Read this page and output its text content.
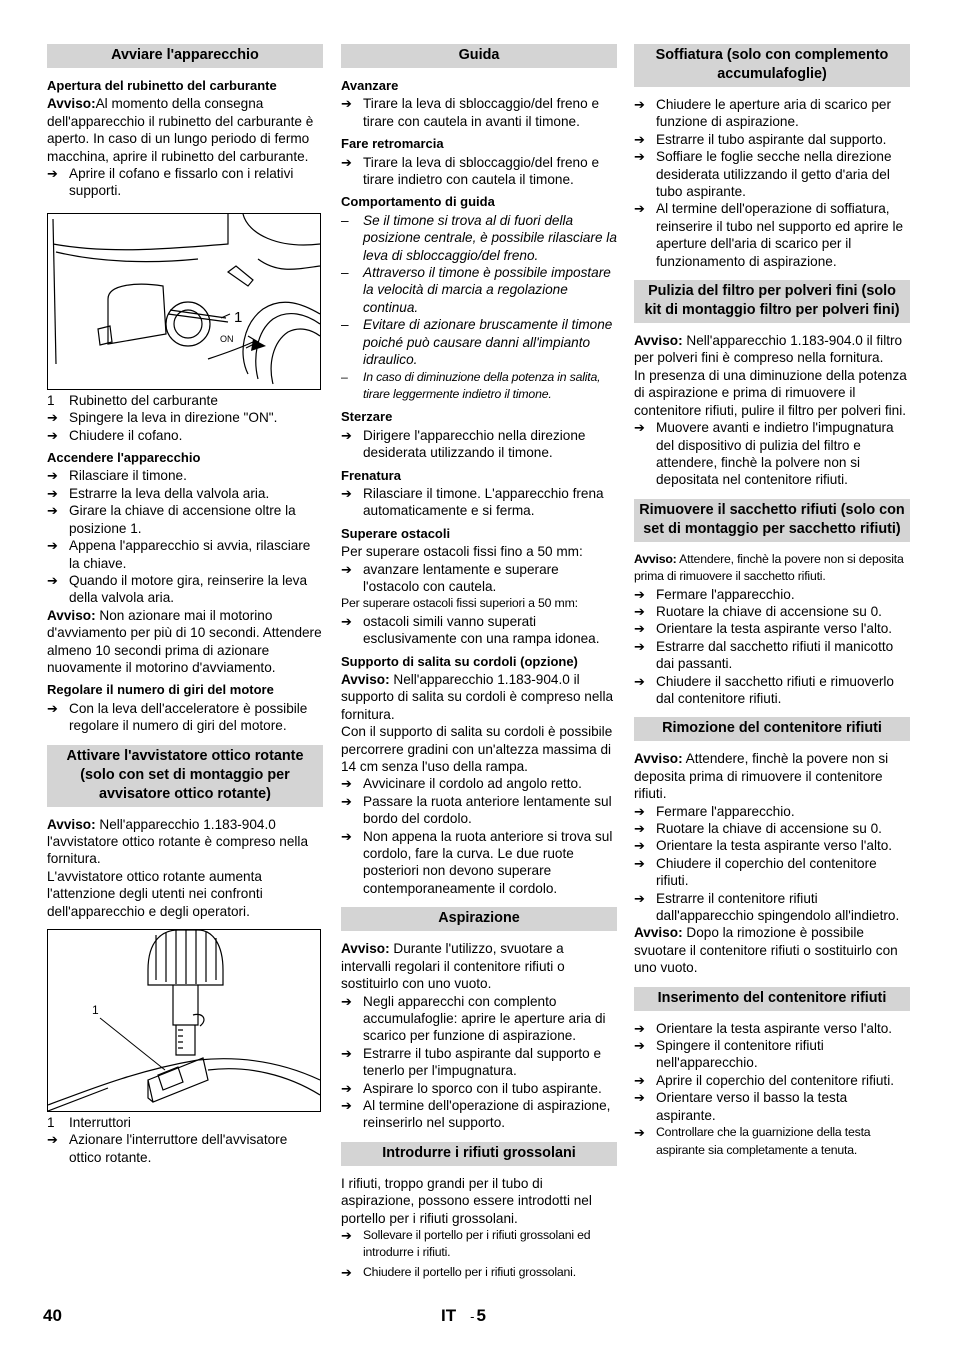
Avviare l'apparecchio
Apertura del rubinetto del carburante

Avviso:Al momento della consegna dell'apparecchio il rubinetto del carburante è aperto. In caso di un lungo periodo di fermo macchina, aprire il rubinetto del carburante.

➔ Aprire il cofano e fissarlo con i relativi supporti.
ON
1
1	Rubinetto del carburante
➔ Spingere la leva in direzione "ON".
➔ Chiudere il cofano.
Accendere l'apparecchio
➔ Rilasciare il timone.
➔ Estrarre la leva della valvola aria.
➔ Girare la chiave di accensione oltre la posizione 1.
➔ Appena l'apparecchio si avvia, rilasciare la chiave.
➔ Quando il motore gira, reinserire la leva della valvola aria.

Avviso: Non azionare mai il motorino d'avviamento per più di 10 secondi. Attendere almeno 10 secondi prima di azionare nuovamente il motorino d'avviamento.

Regolare il numero di giri del motore
➔ Con la leva dell'acceleratore è possibile regolare il numero di giri del motore.
Attivare l'avvistatore ottico rotante (solo con set di montaggio per avvisatore ottico rotante)

Avviso: Nell'apparecchio 1.183-904.0 l'avvistatore ottico rotante è compreso nella fornitura.

L'avvistatore ottico rotante aumenta l'attenzione degli utenti nei confronti dell'apparecchio e degli operatori.

1
1	Interruttori
➔ Azionare l'interruttore dell'avvisatore ottico rotante.
Guida
Avanzare
➔ Tirare la leva di sbloccaggio/del freno e tirare con cautela in avanti il timone.
Fare retromarcia
➔ Tirare la leva di sbloccaggio/del freno e tirare indietro con cautela il timone.
Comportamento di guida
–	Se il timone si trova al di fuori della posizione centrale, è possibile rilasciare la leva di sbloccaggio/del freno.
–	Attraverso il timone è possibile impostare la velocità di marcia a regolazione continua.
–	Evitare di azionare bruscamente il timone poiché può causare danni all'impianto idraulico.
–	In caso di diminuzione della potenza in salita, tirare leggermente indietro il timone.
Sterzare
➔ Dirigere l'apparecchio nella direzione desiderata utilizzando il timone.
Frenatura
➔ Rilasciare il timone. L'apparecchio frena automaticamente e si ferma.
Superare ostacoli

Per superare ostacoli fissi fino a 50 mm:

➔ avanzare lentamente e superare l'ostacolo con cautela.

Per superare ostacoli fissi superiori a 50 mm:

➔ ostacoli simili vanno superati esclusivamente con una rampa idonea.
Supporto di salita su cordoli (opzione)

Avviso: Nell'apparecchio 1.183-904.0 il supporto di salita su cordoli è compreso nella fornitura.

Con il supporto di salita su cordoli è possibile percorrere gradini con un'altezza massima di 14 cm senza l'uso della rampa.

➔ Avvicinare il cordolo ad angolo retto.
➔ Passare la ruota anteriore lentamente sul bordo del cordolo.
➔ Non appena la ruota anteriore si trova sul cordolo, fare la curva. Le due ruote posteriori non devono superare contemporaneamente il cordolo.
Aspirazione

Avviso: Durante l'utilizzo, svuotare a intervalli regolari il contenitore rifiuti o sostituirlo con uno vuoto.

➔ Negli apparecchi con complento accumulafoglie: aprire le aperture aria di scarico per funzione di aspirazione.
➔ Estrarre il tubo aspirante dal supporto e tenerlo per l'impugnatura.
➔ Aspirare lo sporco con il tubo aspirante.
➔ Al termine dell'operazione di aspirazione, reinserirlo nel supporto.
Introdurre i rifiuti grossolani

I rifiuti, troppo grandi per il tubo di aspirazione, possono essere introdotti nel portello per i rifiuti grossolani.

➔ Sollevare il portello per i rifiuti grossolani ed introdurre i rifiuti.
➔ Chiudere il portello per i rifiuti grossolani.
Soffiatura (solo con complemento accumulafoglie)
➔ Chiudere le aperture aria di scarico per funzione di aspirazione.
➔ Estrarre il tubo aspirante dal supporto.
➔ Soffiare le foglie secche nella direzione desiderata utilizzando il getto d'aria del tubo aspirante.
➔ Al termine dell'operazione di soffiatura, reinserire il tubo nel supporto ed aprire le aperture dell'aria di scarico per il funzionamento di aspirazione.
Pulizia del filtro per polveri fini (solo kit di montaggio filtro per polveri fini)

Avviso: Nell'apparecchio 1.183-904.0 il filtro per polveri fini è compreso nella fornitura.

In presenza di una diminuzione della potenza di aspirazione e prima di rimuovere il contenitore rifiuti, pulire il filtro per polveri fini.

➔ Muovere avanti e indietro l'impugnatura del dispositivo di pulizia del filtro e attendere, finchè la polvere non si depositata nel contenitore rifiuti.
Rimuovere il sacchetto rifiuti (solo con set di montaggio per sacchetto rifiuti)

Avviso: Attendere, finchè la povere non si deposita prima di rimuovere il sacchetto rifiuti.

➔ Fermare l'apparecchio.
➔ Ruotare la chiave di accensione su 0.
➔ Orientare la testa aspirante verso l'alto.
➔ Estrarre dal sacchetto rifiuti il manicotto dai passanti.
➔ Chiudere il sacchetto rifiuti e rimuoverlo dal contenitore rifiuti.
Rimozione del contenitore rifiuti

Avviso: Attendere, finchè la povere non si deposita prima di rimuovere il contenitore rifiuti.

➔ Fermare l'apparecchio.
➔ Ruotare la chiave di accensione su 0.
➔ Orientare la testa aspirante verso l'alto.
➔ Chiudere il coperchio del contenitore rifiuti.
➔ Estrarre il contenitore rifiuti dall'apparecchio spingendolo all'indietro.

Avviso: Dopo la rimozione è possibile svuotare il contenitore rifiuti o sostituirlo con uno vuoto.

Inserimento del contenitore rifiuti
➔ Orientare la testa aspirante verso l'alto.
➔ Spingere il contenitore rifiuti nell'apparecchio.
➔ Aprire il coperchio del contenitore rifiuti.
➔ Orientare verso il basso la testa aspirante.
➔ Controllare che la guarnizione della testa aspirante sia completamente a tenuta.
40	IT - 5
